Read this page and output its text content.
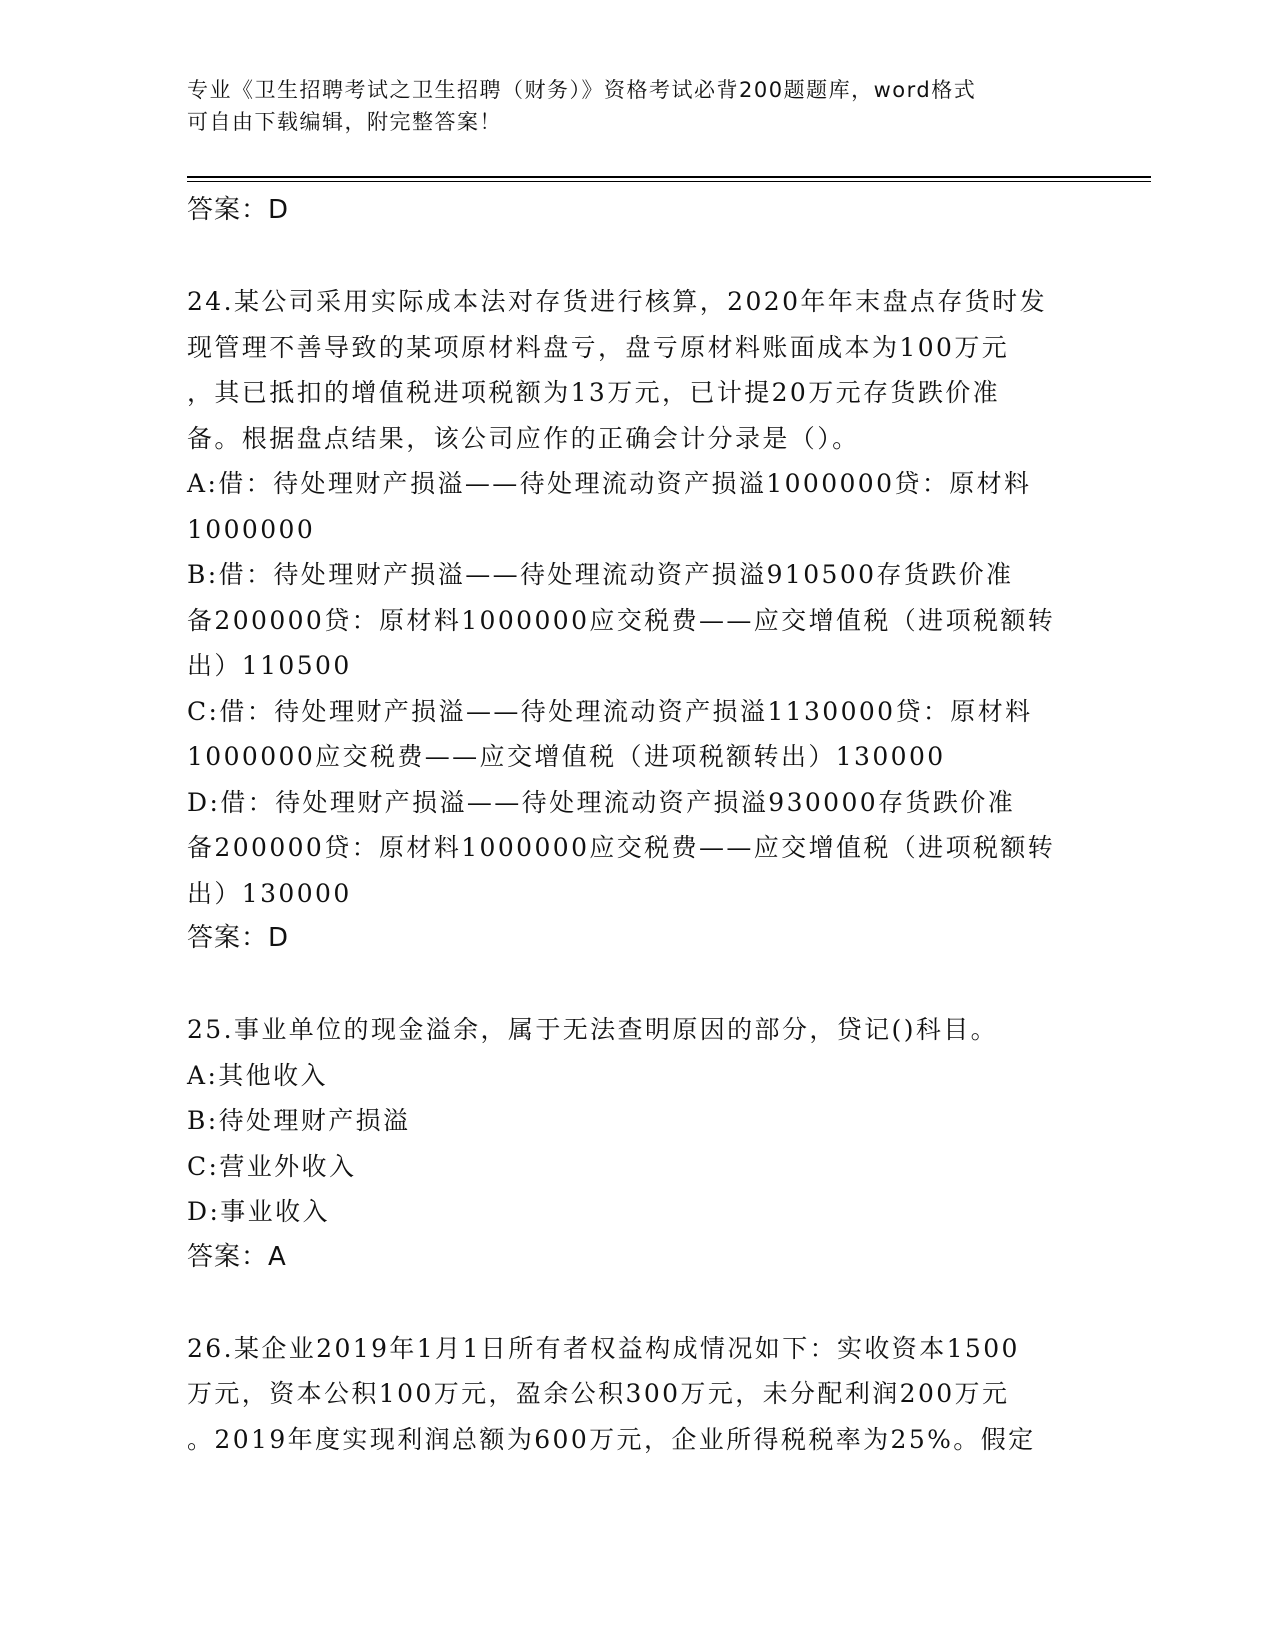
专业《卫生招聘考试之卫生招聘（财务）》资格考试必背200题题库，word格式
可自由下载编辑，附完整答案！
答案：D
24.某公司采用实际成本法对存货进行核算，2020年年末盘点存货时发
现管理不善导致的某项原材料盘亏，盘亏原材料账面成本为100万元
，其已抵扣的增值税进项税额为13万元，已计提20万元存货跌价准
备。根据盘点结果，该公司应作的正确会计分录是（）。
A:借：待处理财产损溢——待处理流动资产损溢1000000贷：原材料
1000000
B:借：待处理财产损溢——待处理流动资产损溢910500存货跌价准
备200000贷：原材料1000000应交税费——应交增值税（进项税额转
出）110500
C:借：待处理财产损溢——待处理流动资产损溢1130000贷：原材料
1000000应交税费——应交增值税（进项税额转出）130000
D:借：待处理财产损溢——待处理流动资产损溢930000存货跌价准
备200000贷：原材料1000000应交税费——应交增值税（进项税额转
出）130000
答案：D
25.事业单位的现金溢余，属于无法查明原因的部分，贷记()科目。
A:其他收入
B:待处理财产损溢
C:营业外收入
D:事业收入
答案：A
26.某企业2019年1月1日所有者权益构成情况如下：实收资本1500
万元，资本公积100万元，盈余公积300万元，未分配利润200万元
。2019年度实现利润总额为600万元，企业所得税税率为25%。假定
